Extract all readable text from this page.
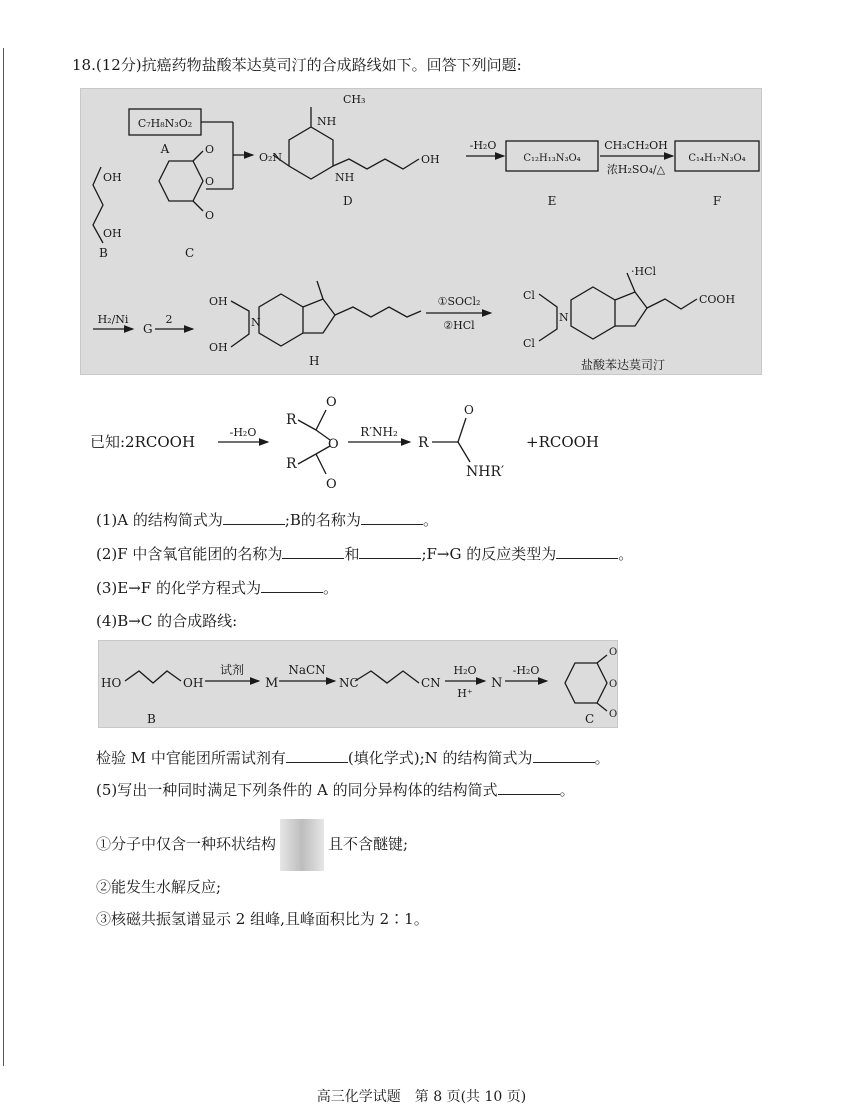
18.(12分)抗癌药物盐酸苯达莫司汀的合成路线如下。回答下列问题:
C₇H₈N₃O₂
A
OH
OH
B	C
O
O
O
CH₃
NH
O₂N
NH
OH
D
-H₂O
C₁₂H₁₃N₃O₄
E
CH₃CH₂OH
浓H₂SO₄/△
C₁₄H₁₇N₃O₄
F
H₂/Ni
G
2
OH
OH
N
H
①SOCl₂
②HCl
Cl
Cl
N
·HCl
COOH
盐酸苯达莫司汀
已知:2RCOOH
-H₂O
R
R
O
O
O
R′NH₂
R
O
NHR′
+RCOOH
(1)A 的结构简式为	;B的名称为	。
(2)F 中含氧官能团的名称为	和	;F→G 的反应类型为	。
(3)E→F 的化学方程式为	。
(4)B→C 的合成路线:
HO	OH
试剂
M
NaCN
NC	CN
H₂O
H⁺
N
-H₂O
O
O
O
B	C
检验 M 中官能团所需试剂有	(填化学式);N 的结构简式为	。
(5)写出一种同时满足下列条件的 A 的同分异构体的结构简式	。
①分子中仅含一种环状结构	且不含醚键;
②能发生水解反应;
③核磁共振氢谱显示 2 组峰,且峰面积比为 2∶1。
高三化学试题　第 8 页(共 10 页)
